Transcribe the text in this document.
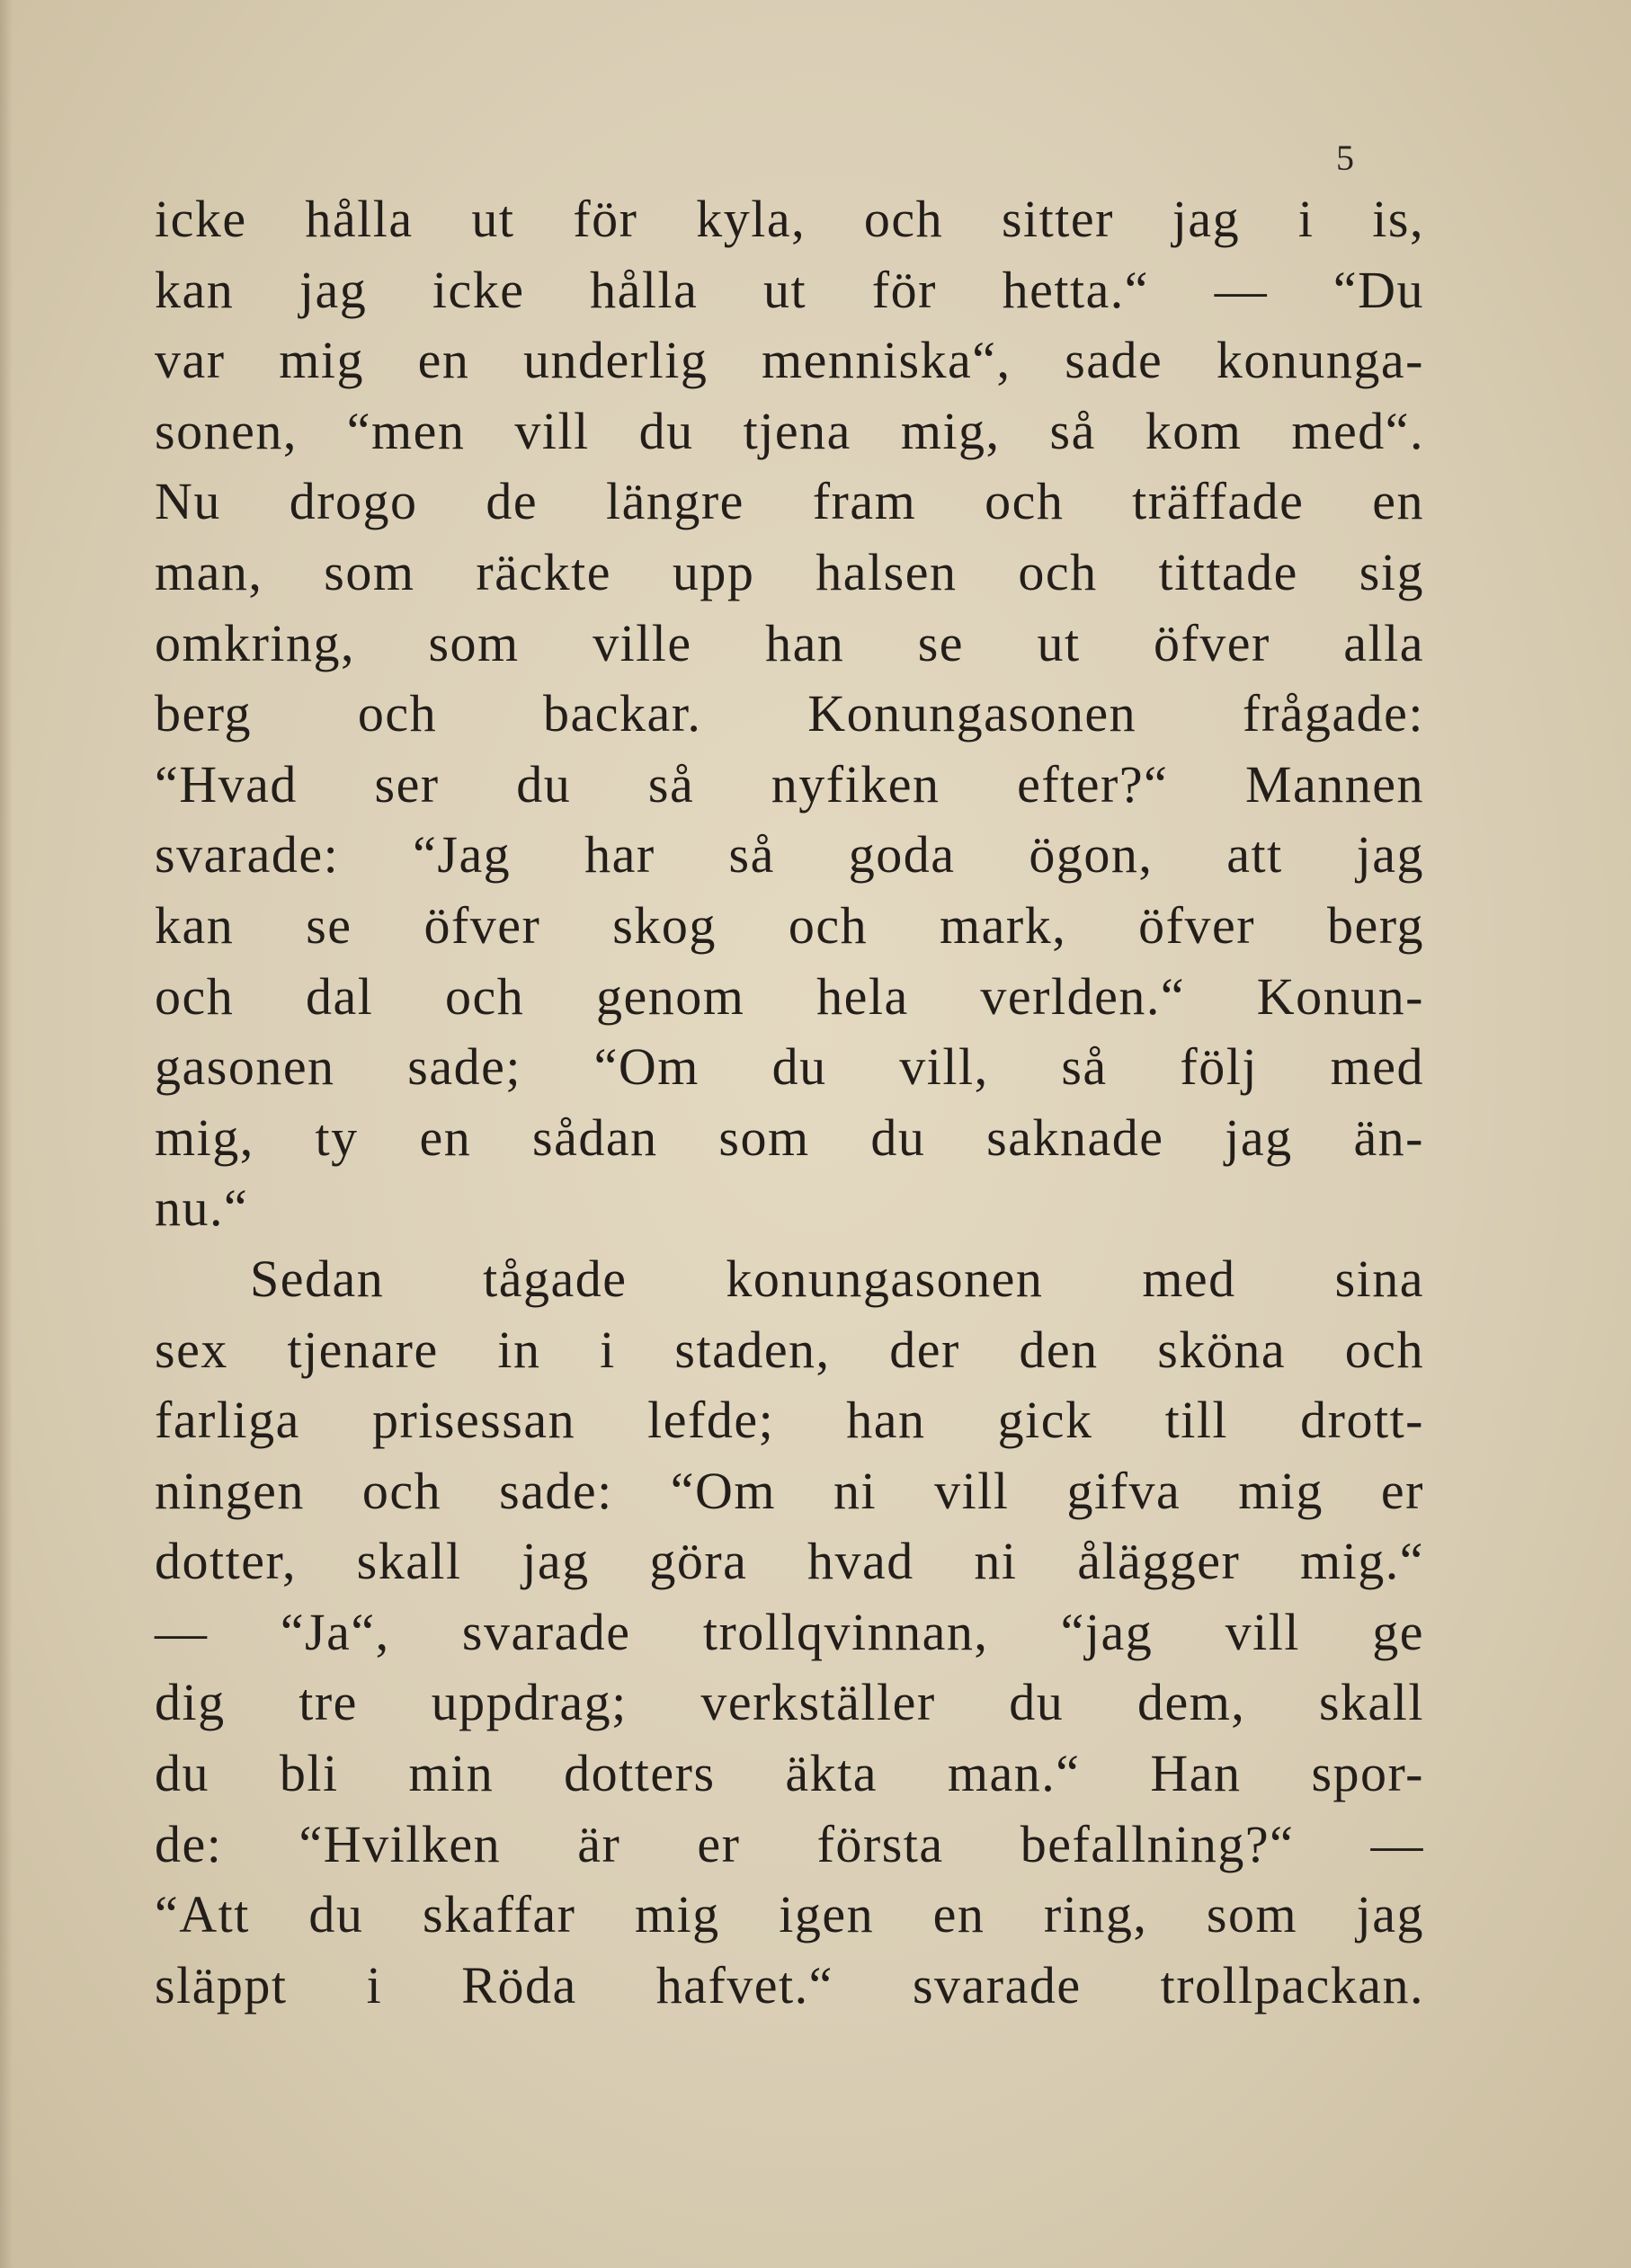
5
icke hålla ut för kyla, och sitter jag i is,
kan jag icke hålla ut för hetta.“ — “Du
var mig en underlig menniska“, sade konunga-
sonen, “men vill du tjena mig, så kom med“.
Nu drogo de längre fram och träffade en
man, som räckte upp halsen och tittade sig
omkring, som ville han se ut öfver alla
berg och backar. Konungasonen frågade:
“Hvad ser du så nyfiken efter?“ Mannen
svarade: “Jag har så goda ögon, att jag
kan se öfver skog och mark, öfver berg
och dal och genom hela verlden.“ Konun-
gasonen sade; “Om du vill, så följ med
mig, ty en sådan som du saknade jag än-
nu.“
Sedan tågade konungasonen med sina
sex tjenare in i staden, der den sköna och
farliga prisessan lefde; han gick till drott-
ningen och sade: “Om ni vill gifva mig er
dotter, skall jag göra hvad ni ålägger mig.“
— “Ja“, svarade trollqvinnan, “jag vill ge
dig tre uppdrag; verkställer du dem, skall
du bli min dotters äkta man.“ Han spor-
de: “Hvilken är er första befallning?“ —
“Att du skaffar mig igen en ring, som jag
släppt i Röda hafvet.“ svarade trollpackan.
